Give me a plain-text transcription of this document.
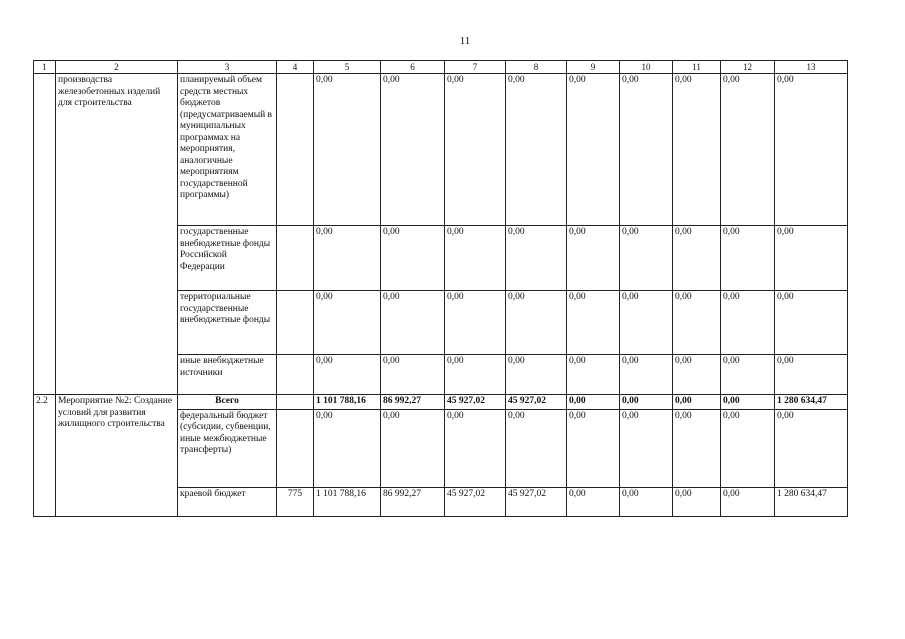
11
1	2	3	4	5	6	7	8	9	10	11	12	13
	производства железобетонных изделий для строительства	планируемый объем средств местных бюджетов (предусматриваемый в муниципальных программах на мероприятия, аналогичные мероприятиям государственной программы)		0,00	0,00	0,00	0,00	0,00	0,00	0,00	0,00	0,00
		государственные внебюджетные фонды Российской Федерации		0,00	0,00	0,00	0,00	0,00	0,00	0,00	0,00	0,00
		территориальные государственные внебюджетные фонды		0,00	0,00	0,00	0,00	0,00	0,00	0,00	0,00	0,00
		иные внебюджетные источники		0,00	0,00	0,00	0,00	0,00	0,00	0,00	0,00	0,00
2.2	Мероприятие №2: Создание условий для развития жилищного строительства	Всего		1 101 788,16	86 992,27	45 927,02	45 927,02	0,00	0,00	0,00	0,00	1 280 634,47
		федеральный бюджет (субсидии, субвенции, иные межбюджетные трансферты)		0,00	0,00	0,00	0,00	0,00	0,00	0,00	0,00	0,00
		краевой бюджет	775	1 101 788,16	86 992,27	45 927,02	45 927,02	0,00	0,00	0,00	0,00	1 280 634,47
